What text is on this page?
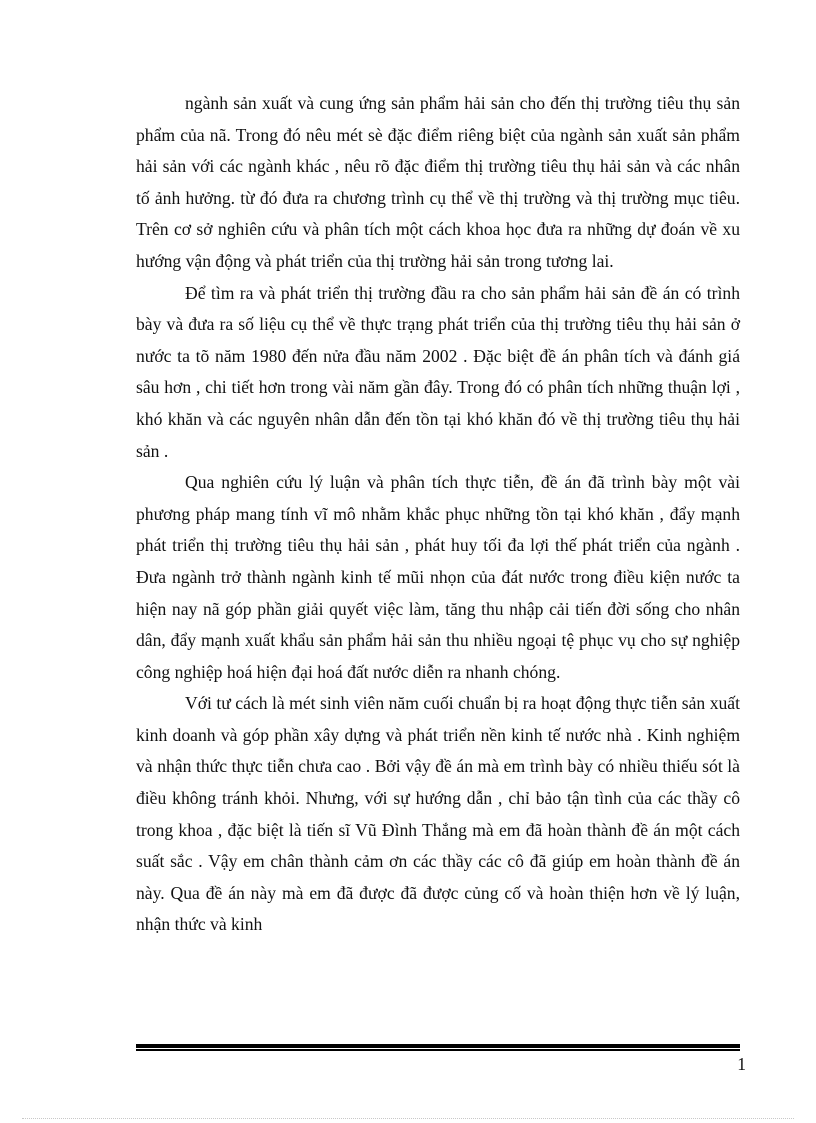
ngành sản xuất và cung ứng sản phẩm hải sản cho đến thị trường tiêu thụ sản phẩm của nã. Trong đó nêu mét sè đặc điểm riêng biệt của ngành sản xuất sản phẩm hải sản với các ngành khác , nêu rõ đặc điểm thị trường tiêu thụ hải sản và các nhân tố ảnh hưởng. từ đó đưa ra chương trình cụ thể về thị trường và thị trường mục tiêu. Trên cơ sở nghiên cứu và phân tích một cách khoa học đưa ra những dự đoán về xu hướng vận động và phát triển của thị trường hải sản trong tương lai.

Để tìm ra và phát triển thị trường đầu ra cho sản phẩm hải sản đề án có trình bày và đưa ra số liệu cụ thể về thực trạng phát triển của thị trường tiêu thụ hải sản ở nước ta tõ năm 1980 đến nửa đầu năm 2002 . Đặc biệt đề án phân tích và đánh giá sâu hơn , chi tiết hơn trong vài năm gần đây. Trong đó có phân tích những thuận lợi , khó khăn và các nguyên nhân dẫn đến tồn tại khó khăn đó về thị trường tiêu thụ hải sản .

Qua nghiên cứu lý luận và phân tích thực tiễn, đề án đã trình bày một vài phương pháp mang tính vĩ mô nhằm khắc phục những tồn tại khó khăn , đẩy mạnh phát triển thị trường tiêu thụ hải sản , phát huy tối đa lợi thế phát triển của ngành . Đưa ngành trở thành ngành kinh tế mũi nhọn của đát nước trong điều kiện nước ta hiện nay nã góp phần giải quyết việc làm, tăng thu nhập cải tiến đời sống cho nhân dân, đẩy mạnh xuất khẩu sản phẩm hải sản thu nhiều ngoại tệ phục vụ cho sự nghiệp công nghiệp hoá hiện đại hoá đất nước diễn ra nhanh chóng.

Với tư cách là mét sinh viên năm cuối chuẩn bị ra hoạt động thực tiễn sản xuất kinh doanh và góp phần xây dựng và phát triển nền kinh tế nước nhà . Kinh nghiệm và nhận thức thực tiễn chưa cao . Bởi vậy đề án mà em trình bày có nhiều thiếu sót là điều không tránh khỏi. Nhưng, với sự hướng dẫn , chỉ bảo tận tình của các thầy cô trong khoa , đặc biệt là tiến sĩ Vũ Đình Thắng mà em đã hoàn thành đề án một cách suất sắc . Vậy em chân thành cảm ơn các thầy các cô đã giúp em hoàn thành đề án này. Qua đề án này mà em đã được đã được củng cố và hoàn thiện hơn về lý luận, nhận thức và kinh

1
